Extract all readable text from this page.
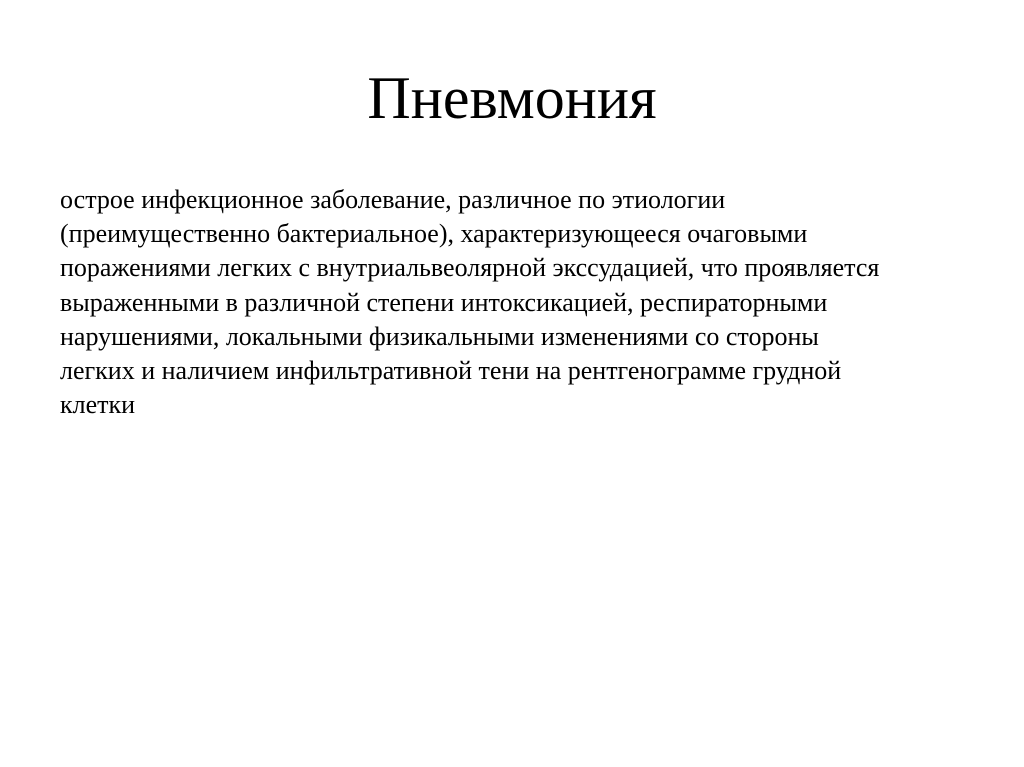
Пневмония

острое инфекционное заболевание, различное по этиологии
(преимущественно бактериальное), характеризующееся очаговыми
поражениями легких с внутриальвеолярной экссудацией, что проявляется
выраженными в различной степени интоксикацией, респираторными
нарушениями, локальными физикальными изменениями со стороны
легких и наличием инфильтративной тени на рентгенограмме грудной
клетки
